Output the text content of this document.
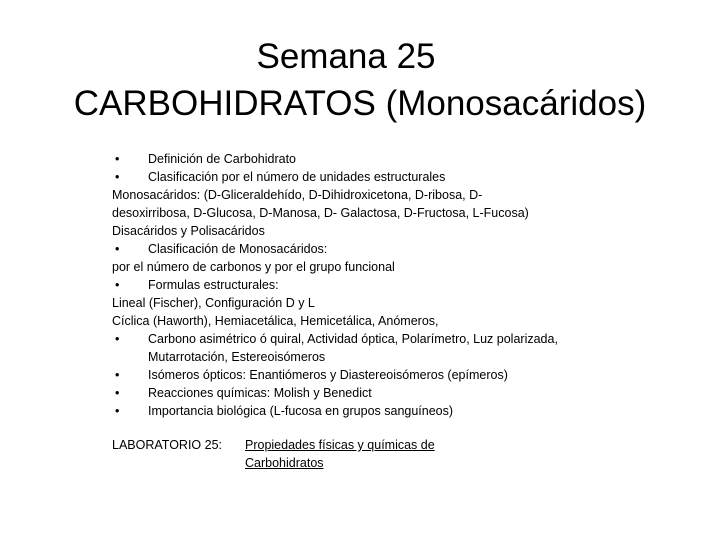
Semana 25
CARBOHIDRATOS (Monosacáridos)

• Definición de Carbohidrato

• Clasificación por el número de unidades estructurales

Monosacáridos: (D-Gliceraldehído, D-Dihidroxicetona, D-ribosa, D-

desoxirribosa, D-Glucosa, D-Manosa, D- Galactosa, D-Fructosa, L-Fucosa)

Disacáridos y Polisacáridos

• Clasificación de Monosacáridos:

por el número de carbonos y por el grupo funcional

• Formulas estructurales:

Lineal (Fischer), Configuración D y L

Cíclica (Haworth), Hemiacetálica, Hemicetálica, Anómeros,

• Carbono asimétrico ó quiral, Actividad óptica, Polarímetro, Luz polarizada, Mutarrotación, Estereoisómeros

• Isómeros ópticos: Enantiómeros y Diastereoisómeros (epímeros)

• Reacciones químicas: Molish y Benedict

• Importancia biológica (L-fucosa en grupos sanguíneos)

LABORATORIO 25: Propiedades físicas y químicas de Carbohidratos
